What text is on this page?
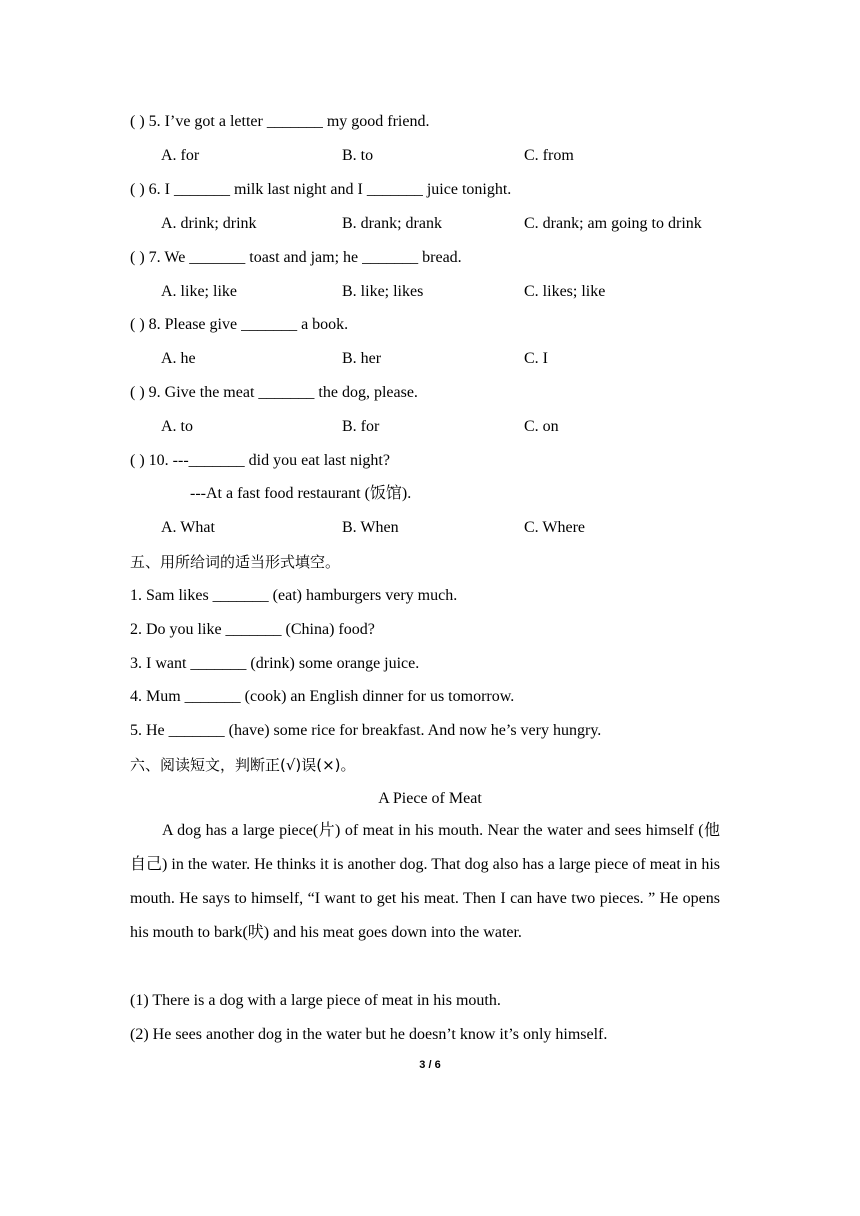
( ) 5. I’ve got a letter _______ my good friend.
A. for	B. to	C. from
( ) 6. I _______ milk last night and I _______ juice tonight.
A. drink; drink	B. drank; drank	C. drank; am going to drink
( ) 7. We _______ toast and jam; he _______ bread.
A. like; like	B. like; likes	C. likes; like
( ) 8. Please give _______ a book.
A. he	B. her	C. I
( ) 9. Give the meat _______ the dog, please.
A. to	B. for	C. on
( ) 10. ---_______ did you eat last night?
---At a fast food restaurant (饭馆).
A. What	B. When	C. Where
五、用所给词的适当形式填空。
1. Sam likes _______ (eat) hamburgers very much.
2. Do you like _______ (China) food?
3. I want _______ (drink) some orange juice.
4. Mum _______ (cook) an English dinner for us tomorrow.
5. He _______ (have) some rice for breakfast. And now he’s very hungry.
六、阅读短文，判断正(√)误(×)。
A Piece of Meat
A dog has a large piece(片) of meat in his mouth. Near the water and sees himself (他自己) in the water. He thinks it is another dog. That dog also has a large piece of meat in his mouth. He says to himself, “I want to get his meat. Then I can have two pieces. ” He opens his mouth to bark(吠) and his meat goes down into the water.
(1) There is a dog with a large piece of meat in his mouth.
(2) He sees another dog in the water but he doesn’t know it’s only himself.
3 / 6
